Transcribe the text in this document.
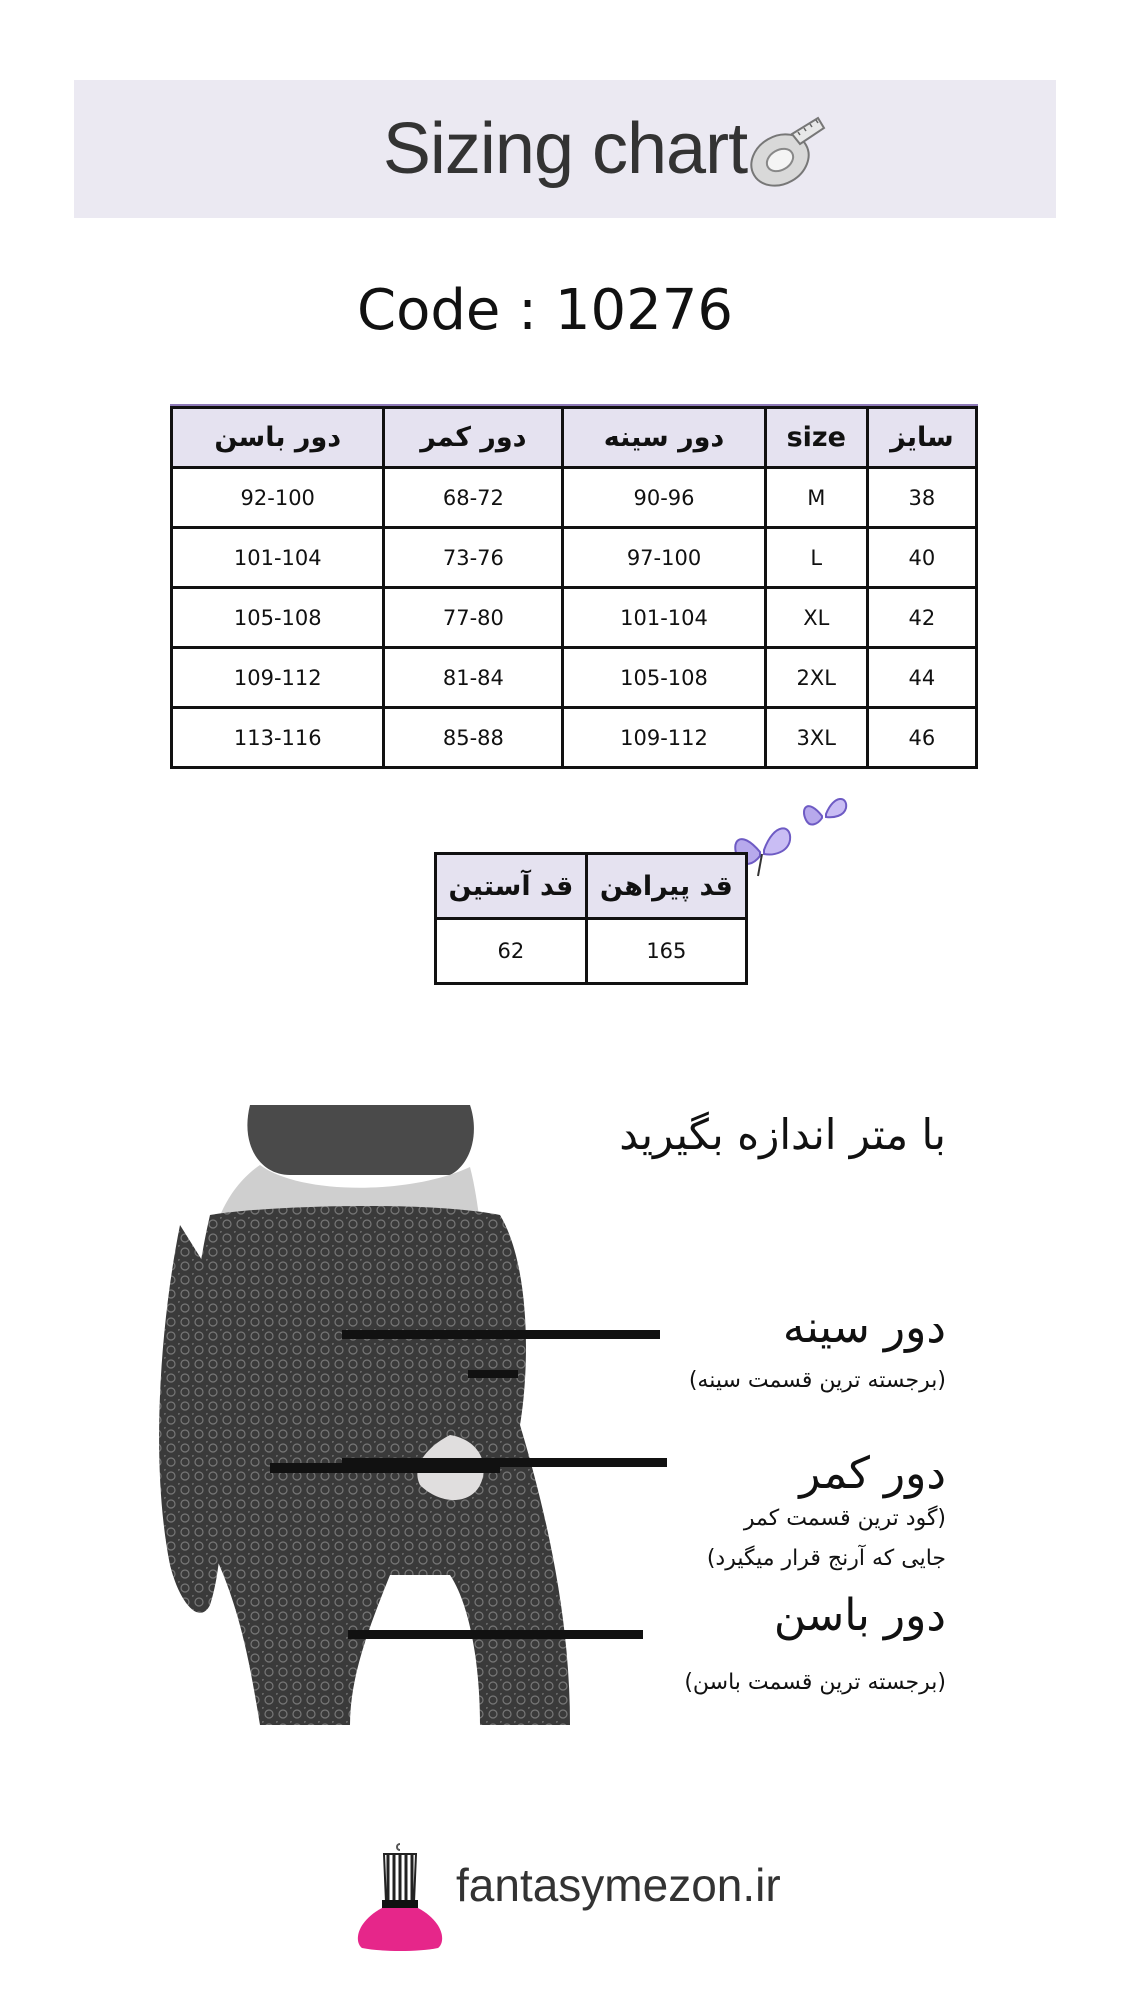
Sizing chart
Code : 10276
دور باسن	دور کمر	دور سینه	size	سایز
92-100	68-72	90-96	M	38
101-104	73-76	97-100	L	40
105-108	77-80	101-104	XL	42
109-112	81-84	105-108	2XL	44
113-116	85-88	109-112	3XL	46
قد آستین	قد پیراهن
62	165
با متر اندازه بگیرید
دور سینه
(برجسته ترین قسمت سینه)
دور کمر
(گود ترین قسمت کمر
جایی که آرنج قرار میگیرد)
دور باسن
(برجسته ترین قسمت باسن)
fantasymezon.ir
